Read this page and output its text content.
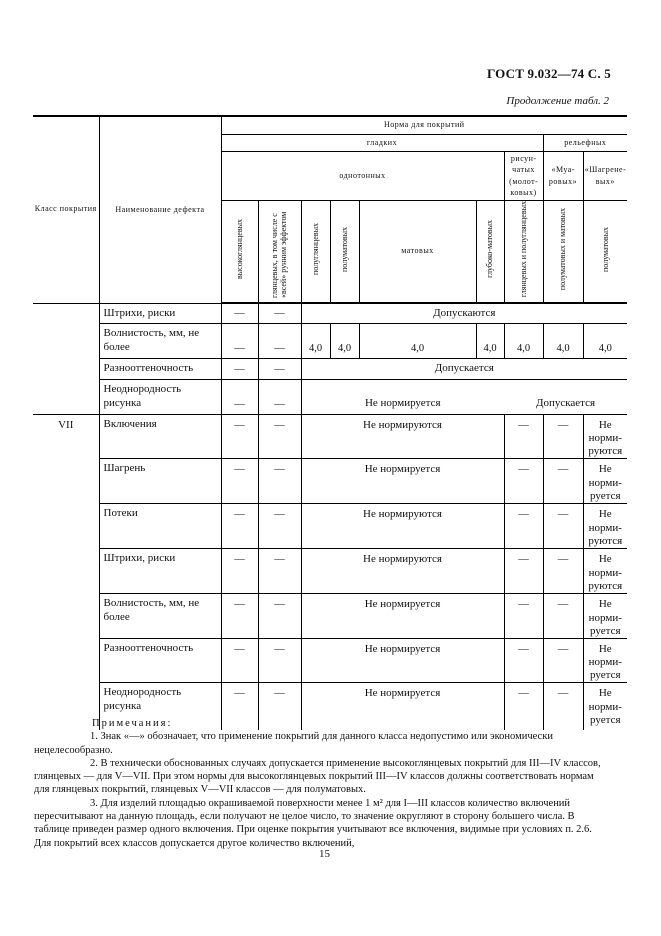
ГОСТ 9.032—74 С. 5
Продолжение табл. 2
Класс покрытия	Наименование дефекта	Норма для покрытий								
		гладких							рельефных	
		однотонных						рисунчатых (молотковых)	«Муаровых»	«Шагреневых»

		высокоглянцевых	глянцевых, в том числе с «всей» рунним эффектом	полуглянцевых	полуматовых	матовых	глубоко-матовых	глянцевых и полуглянцевых	полуматовых и матовых	полуматовых

	Штрихи, риски	—	—	Допускаются						
	Волнистость, мм, не более	—	—	4,0	4,0	4,0	4,0	4,0	4,0	4,0
	Разнооттеночность	—	—	Допускается						
	Неоднородность рисунка	—	—	Не нормируется				Допускается		
VII	Включения	—	—	Не нормируются				—	—	Не нормируются
	Шагрень	—	—	Не нормируется				—	—	Не нормируется
	Потеки	—	—	Не нормируются				—	—	Не нормируются
	Штрихи, риски	—	—	Не нормируются				—	—	Не нормируются
	Волнистость, мм, не более	—	—	Не нормируется				—	—	Не нормируется
	Разнооттеночность	—	—	Не нормируется				—	—	Не нормируется
	Неоднородность рисунка	—	—	Не нормируется				—	—	Не нормируется
Примечания:

1. Знак «—» обозначает, что применение покрытий для данного класса недопустимо или экономически нецелесообразно.

2. В технически обоснованных случаях допускается применение высокоглянцевых покрытий для III—IV классов, глянцевых — для V—VII. При этом нормы для высокоглянцевых покрытий III—IV классов должны соответствовать нормам для глянцевых покрытий, глянцевых V—VII классов — для полуматовых.

3. Для изделий площадью окрашиваемой поверхности менее 1 м² для I—III классов количество включений пересчитывают на данную площадь, если получают не целое число, то значение округляют в сторону большего числа. В таблице приведен размер одного включения. При оценке покрытия учитывают все включения, видимые при условиях п. 2.6. Для покрытий всех классов допускается другое количество включений,

15
